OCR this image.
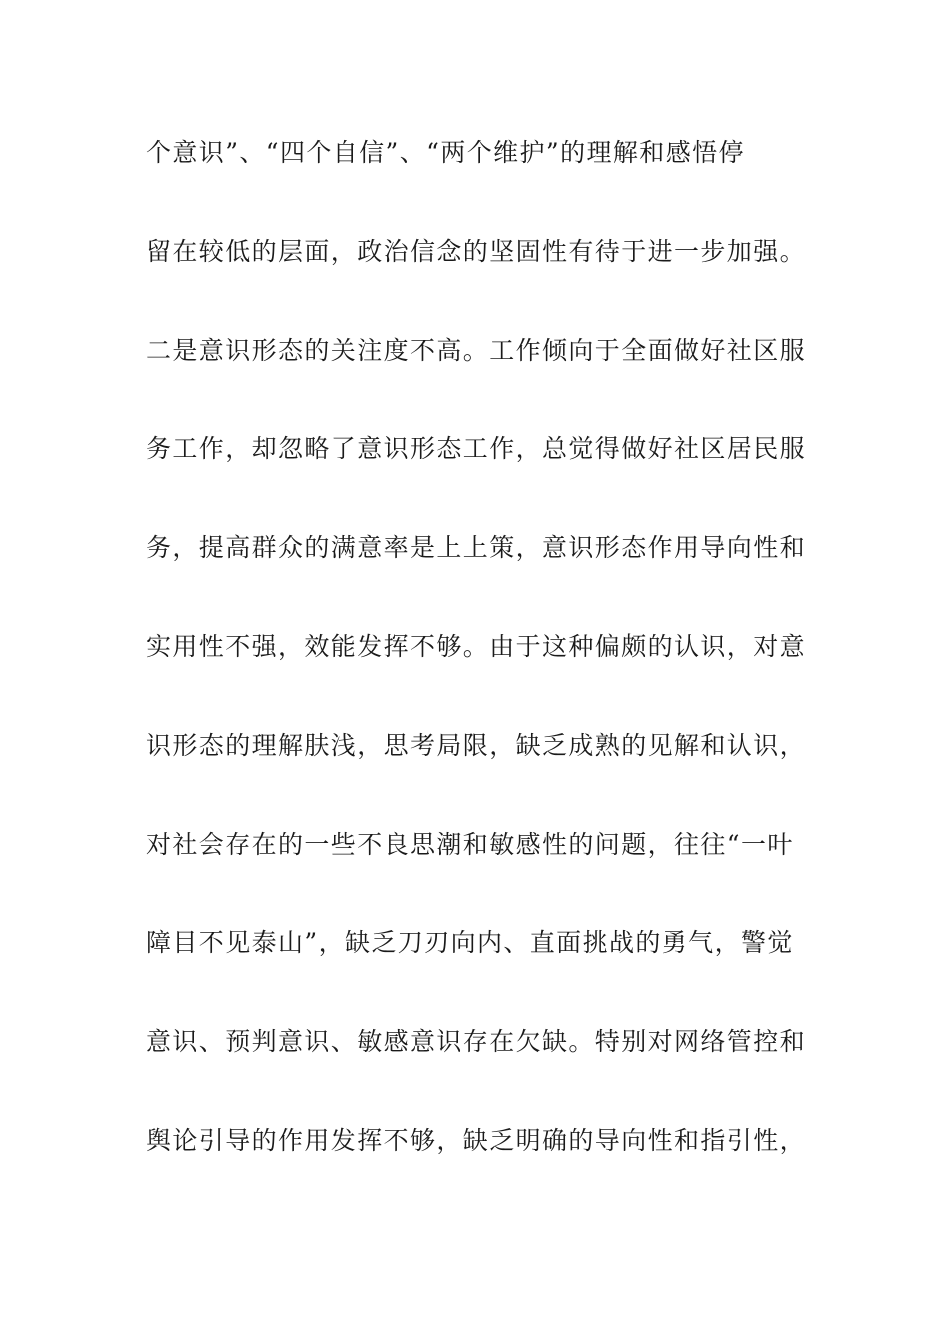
个意识”、“四个自信”、“两个维护”的理解和感悟停
留在较低的层面，政治信念的坚固性有待于进一步加强。
二是意识形态的关注度不高。工作倾向于全面做好社区服
务工作，却忽略了意识形态工作，总觉得做好社区居民服
务，提高群众的满意率是上上策，意识形态作用导向性和
实用性不强，效能发挥不够。由于这种偏颇的认识，对意
识形态的理解肤浅，思考局限，缺乏成熟的见解和认识，
对社会存在的一些不良思潮和敏感性的问题，往往“一叶
障目不见泰山”，缺乏刀刃向内、直面挑战的勇气，警觉
意识、预判意识、敏感意识存在欠缺。特别对网络管控和
舆论引导的作用发挥不够，缺乏明确的导向性和指引性，
